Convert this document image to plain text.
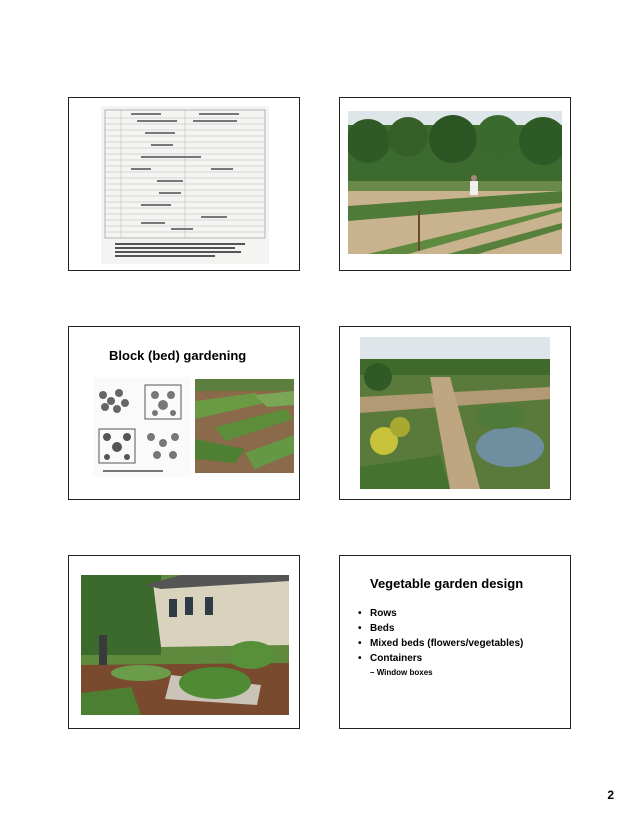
Block (bed) gardening
Vegetable garden design
• Rows
• Beds
• Mixed beds (flowers/vegetables)
• Containers
– Window boxes
2
